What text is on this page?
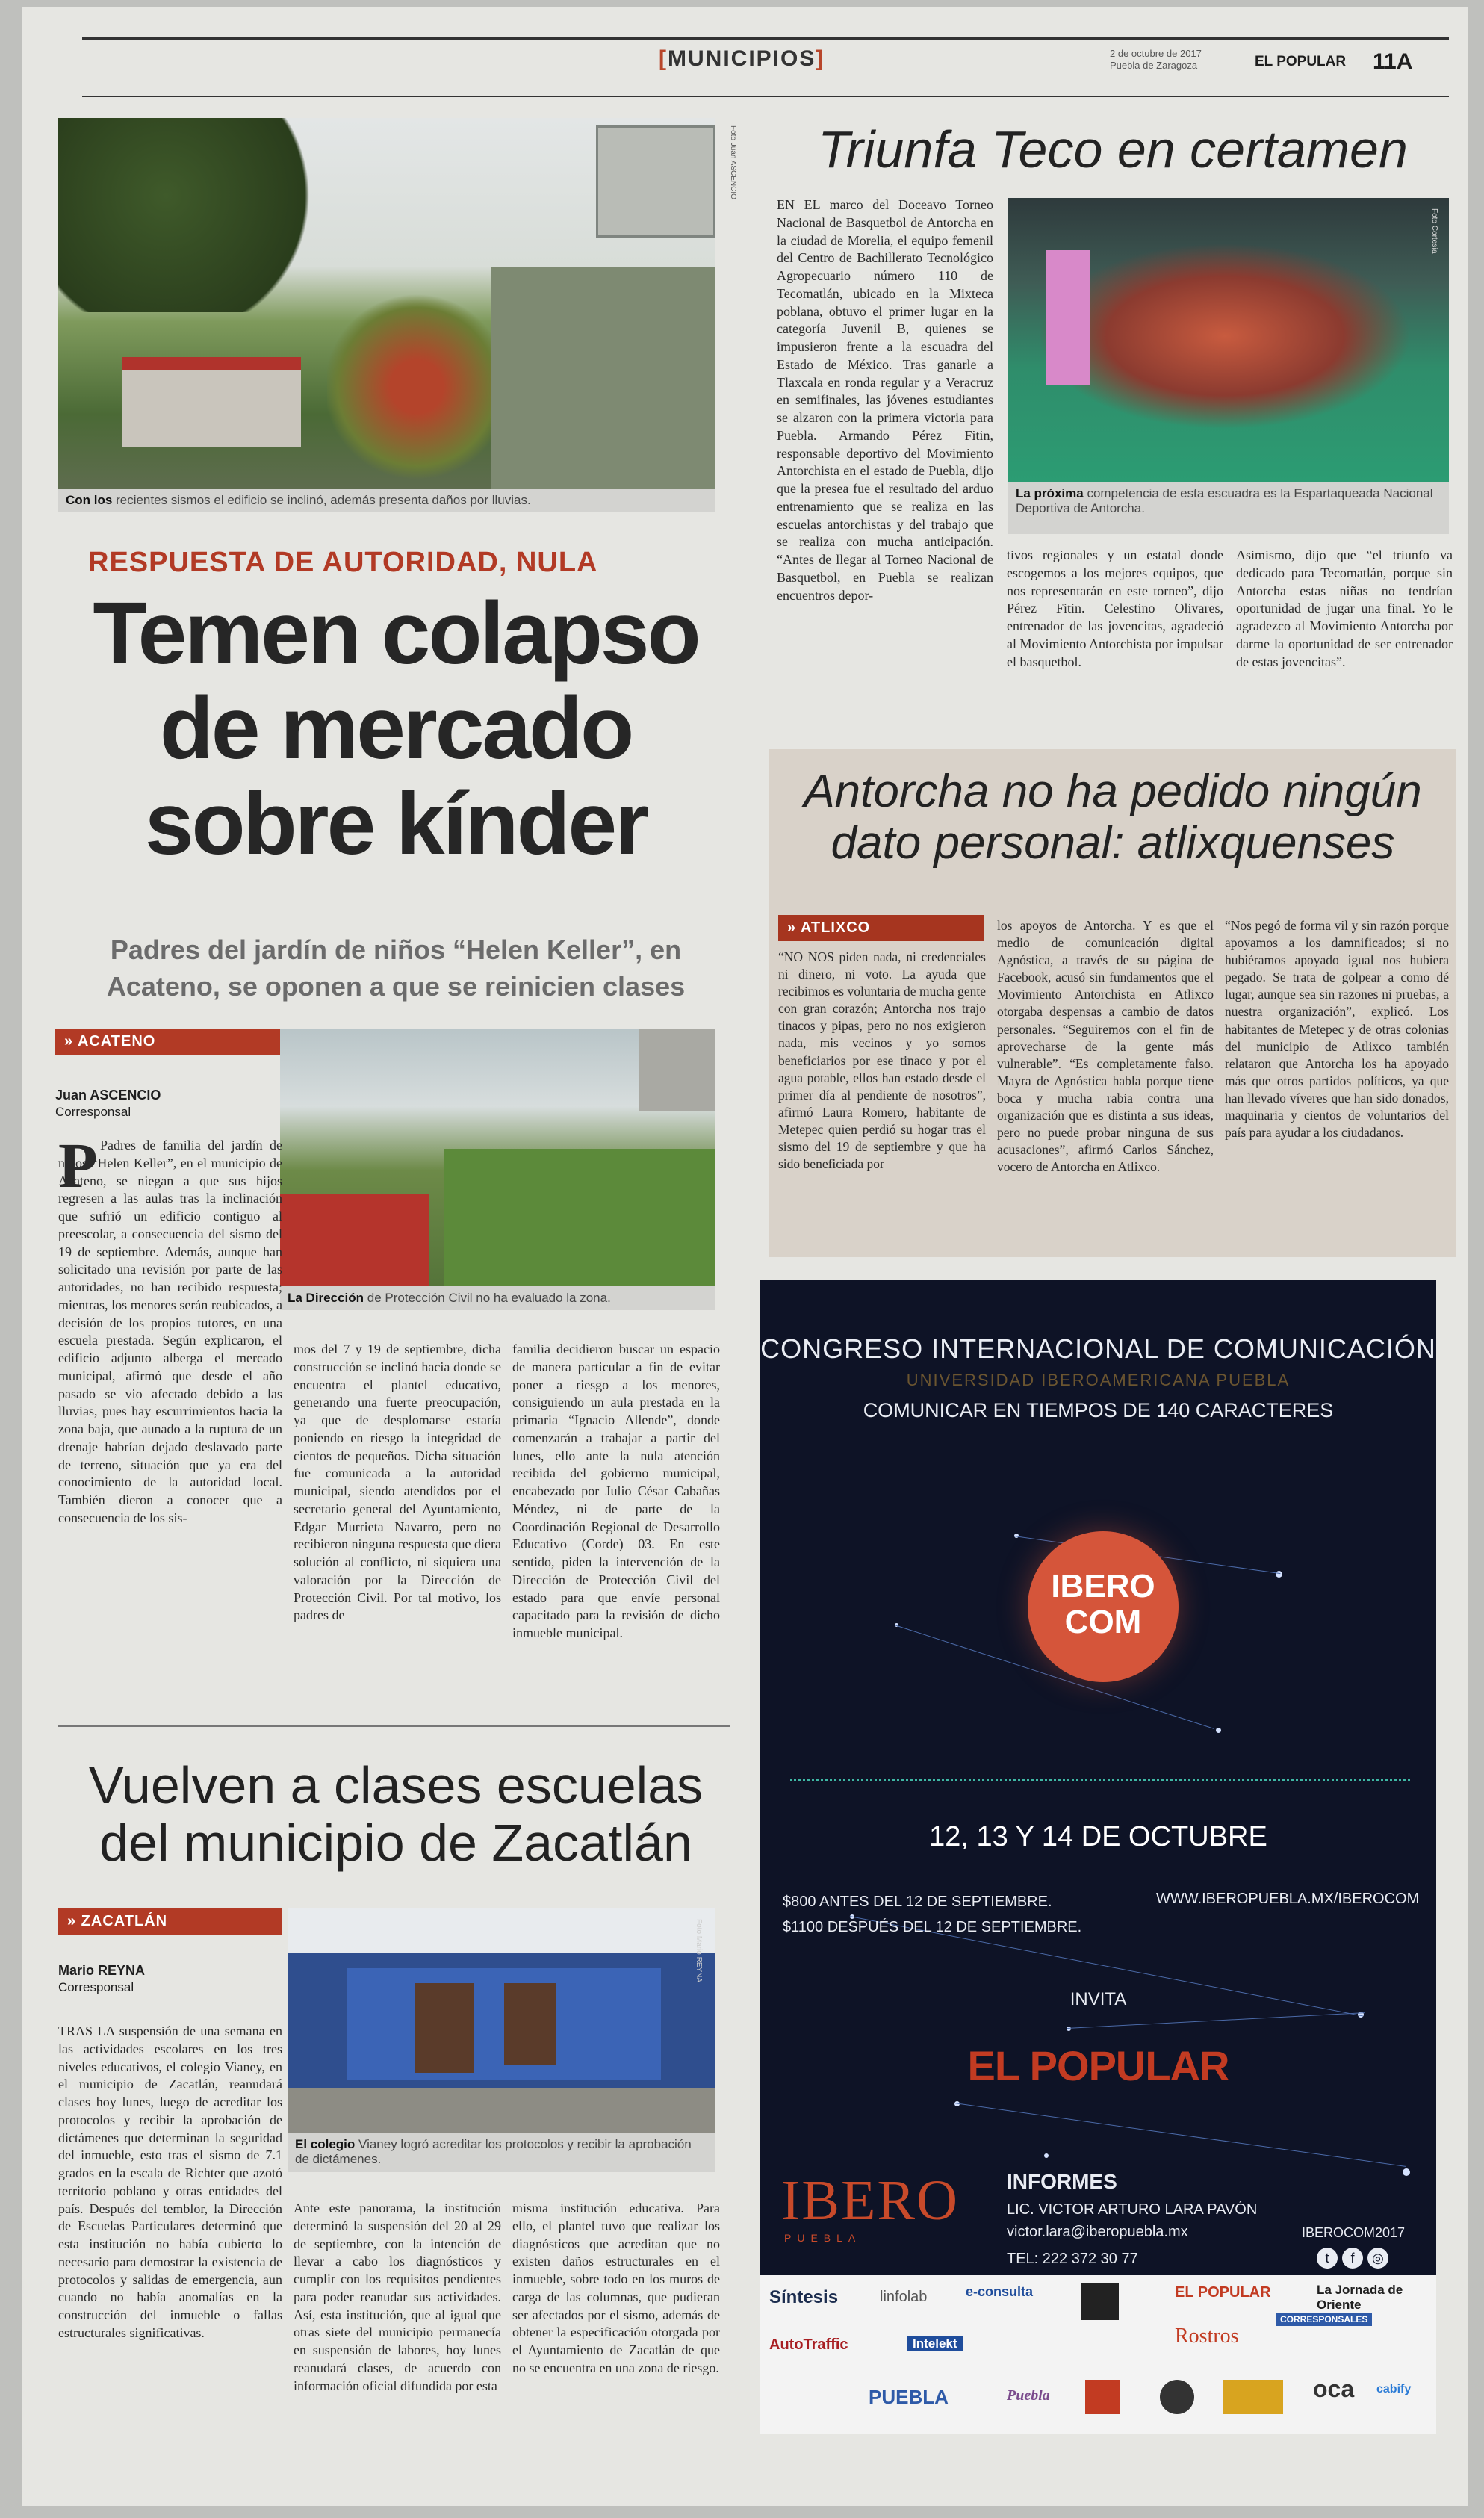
[MUNICIPIOS]	2 de octubre de 2017
Puebla de Zaragoza	EL POPULAR 11A
Foto Juan ASCENCIO
Con los recientes sismos el edificio se inclinó, además presenta daños por lluvias.
RESPUESTA DE AUTORIDAD, NULA
Temen colapso
de mercado
sobre kínder
Padres del jardín de niños “Helen Keller”, en
Acateno, se oponen a que se reinicien clases
» ACATENO
Juan ASCENCIO
Corresponsal
La Dirección de Protección Civil no ha evaluado la zona.
P Padres de familia del jardín de niños “Helen Keller”, en el municipio de Acateno, se niegan a que sus hijos regresen a las aulas tras la inclinación que sufrió un edificio contiguo al preescolar, a consecuencia del sismo del 19 de septiembre. Además, aunque han solicitado una revisión por parte de las autoridades, no han recibido respuesta; mientras, los menores serán reubicados, a decisión de los propios tutores, en una escuela prestada. Según explicaron, el edificio adjunto alberga el mercado municipal, afirmó que desde el año pasado se vio afectado debido a las lluvias, pues hay escurrimientos hacia la zona baja, que aunado a la ruptura de un drenaje habrían dejado deslavado parte de terreno, situación que ya era del conocimiento de la autoridad local. También dieron a conocer que a consecuencia de los sis-

mos del 7 y 19 de septiembre, dicha construcción se inclinó hacia donde se encuentra el plantel educativo, generando una fuerte preocupación, ya que de desplomarse estaría poniendo en riesgo la integridad de cientos de pequeños. Dicha situación fue comunicada a la autoridad municipal, siendo atendidos por el secretario general del Ayuntamiento, Edgar Murrieta Navarro, pero no recibieron ninguna respuesta que diera solución al conflicto, ni siquiera una valoración por la Dirección de Protección Civil. Por tal motivo, los padres de

familia decidieron buscar un espacio de manera particular a fin de evitar poner a riesgo a los menores, consiguiendo un aula prestada en la primaria “Ignacio Allende”, donde comenzarán a trabajar a partir del lunes, ello ante la nula atención recibida del gobierno municipal, encabezado por Julio César Cabañas Méndez, ni de parte de la Coordinación Regional de Desarrollo Educativo (Corde) 03. En este sentido, piden la intervención de la Dirección de Protección Civil del estado para que envíe personal capacitado para la revisión de dicho inmueble municipal.

Vuelven a clases escuelas
del municipio de Zacatlán
» ZACATLÁN
Mario REYNA
Corresponsal
Foto Mario REYNA
El colegio Vianey logró acreditar los protocolos y recibir la aprobación de dictámenes.

TRAS LA suspensión de una semana en las actividades escolares en los tres niveles educativos, el colegio Vianey, en el municipio de Zacatlán, reanudará clases hoy lunes, luego de acreditar los protocolos y recibir la aprobación de dictámenes que determinan la seguridad del inmueble, esto tras el sismo de 7.1 grados en la escala de Richter que azotó territorio poblano y otras entidades del país. Después del temblor, la Dirección de Escuelas Particulares determinó que esta institución no había cubierto lo necesario para demostrar la existencia de protocolos y salidas de emergencia, aun cuando no había anomalías en la construcción del inmueble o fallas estructurales significativas.

Ante este panorama, la institución determinó la suspensión del 20 al 29 de septiembre, con la intención de llevar a cabo los diagnósticos y cumplir con los requisitos pendientes para poder reanudar sus actividades. Así, esta institución, que al igual que otras siete del municipio permanecía en suspensión de labores, hoy lunes reanudará clases, de acuerdo con información oficial difundida por esta

misma institución educativa. Para ello, el plantel tuvo que realizar los diagnósticos que acreditan que no existen daños estructurales en el inmueble, sobre todo en los muros de carga de las columnas, que pudieran ser afectados por el sismo, además de obtener la especificación otorgada por el Ayuntamiento de Zacatlán de que no se encuentra en una zona de riesgo.

Triunfa Teco en certamen

EN EL marco del Doceavo Torneo Nacional de Basquetbol de Antorcha en la ciudad de Morelia, el equipo femenil del Centro de Bachillerato Tecnológico Agropecuario número 110 de Tecomatlán, ubicado en la Mixteca poblana, obtuvo el primer lugar en la categoría Juvenil B, quienes se impusieron frente a la escuadra del Estado de México. Tras ganarle a Tlaxcala en ronda regular y a Veracruz en semifinales, las jóvenes estudiantes se alzaron con la primera victoria para Puebla. Armando Pérez Fitin, responsable deportivo del Movimiento Antorchista en el estado de Puebla, dijo que la presea fue el resultado del arduo entrenamiento que se realiza en las escuelas antorchistas y del trabajo que se realiza con mucha anticipación. “Antes de llegar al Torneo Nacional de Basquetbol, en Puebla se realizan encuentros depor-

Foto Cortesía
La próxima competencia de esta escuadra es la Espartaqueada Nacional Deportiva de Antorcha.

tivos regionales y un estatal donde escogemos a los mejores equipos, que nos representarán en este torneo”, dijo Pérez Fitin. Celestino Olivares, entrenador de las jovencitas, agradeció al Movimiento Antorchista por impulsar el basquetbol.

Asimismo, dijo que “el triunfo va dedicado para Tecomatlán, porque sin Antorcha estas niñas no tendrían oportunidad de jugar una final. Yo le agradezco al Movimiento Antorcha por darme la oportunidad de ser entrenador de estas jovencitas”.

Antorcha no ha pedido ningún
dato personal: atlixquenses
» ATLIXCO

“NO NOS piden nada, ni credenciales ni dinero, ni voto. La ayuda que recibimos es voluntaria de mucha gente con gran corazón; Antorcha nos trajo tinacos y pipas, pero no nos exigieron nada, mis vecinos y yo somos beneficiarios por ese tinaco y por el agua potable, ellos han estado desde el primer día al pendiente de nosotros”, afirmó Laura Romero, habitante de Metepec quien perdió su hogar tras el sismo del 19 de septiembre y que ha sido beneficiada por

los apoyos de Antorcha. Y es que el medio de comunicación digital Agnóstica, a través de su página de Facebook, acusó sin fundamentos que el Movimiento Antorchista en Atlixco otorgaba despensas a cambio de datos personales. “Seguiremos con el fin de aprovecharse de la gente más vulnerable”. “Es completamente falso. Mayra de Agnóstica habla porque tiene boca y mucha rabia contra una organización que es distinta a sus ideas, pero no puede probar ninguna de sus acusaciones”, afirmó Carlos Sánchez, vocero de Antorcha en Atlixco.

“Nos pegó de forma vil y sin razón porque apoyamos a los damnificados; si no hubiéramos apoyado igual nos hubiera pegado. Se trata de golpear a como dé lugar, aunque sea sin razones ni pruebas, a nuestra organización”, explicó. Los habitantes de Metepec y de otras colonias del municipio de Atlixco también relataron que Antorcha los ha apoyado más que otros partidos políticos, ya que han llevado víveres que han sido donados, maquinaria y cientos de voluntarios del país para ayudar a los ciudadanos.

CONGRESO INTERNACIONAL DE COMUNICACIÓN
UNIVERSIDAD IBEROAMERICANA PUEBLA
COMUNICAR EN TIEMPOS DE 140 CARACTERES
IBERO
COM
12, 13 Y 14 DE OCTUBRE
$800 ANTES DEL 12 DE SEPTIEMBRE.
$1100 DESPUÉS DEL 12 DE SEPTIEMBRE.
WWW.IBEROPUEBLA.MX/IBEROCOM
INVITA
EL POPULAR
IBERO
PUEBLA
INFORMES
LIC. VICTOR ARTURO LARA PAVÓN
victor.lara@iberopuebla.mx
TEL: 222 372 30 77
IBEROCOM2017
t f ◎
Síntesis	linfolab	e-consulta	EL POPULAR	La Jornada de Oriente
AutoTraffic	Intelekt	Rostros
CORRESPONSALES
PUEBLA	Puebla	oca cabify
